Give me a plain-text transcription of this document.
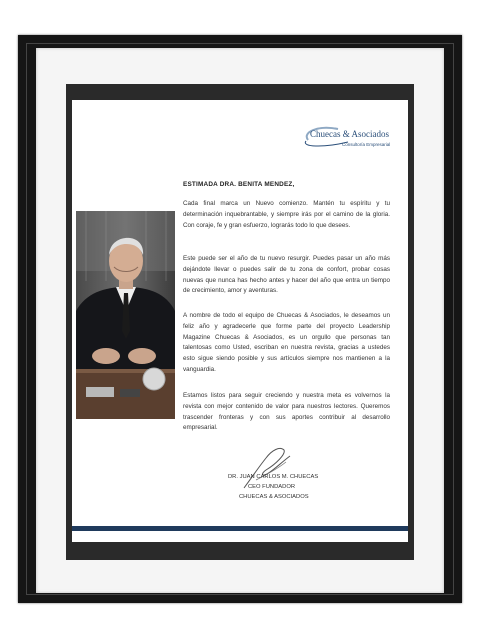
Chuecas & Asociados
Consultoría Empresarial
ESTIMADA DRA. BENITA MENDEZ,

Cada final marca un Nuevo comienzo. Mantén tu espíritu y tu determinación inquebrantable, y siempre irás por el camino de la gloria. Con coraje, fe y gran esfuerzo, lograrás todo lo que desees.

Este puede ser el año de tu nuevo resurgir. Puedes pasar un año más dejándote llevar o puedes salir de tu zona de confort, probar cosas nuevas que nunca has hecho antes y hacer del año que entra un tiempo de crecimiento, amor y aventuras.

A nombre de todo el equipo de Chuecas & Asociados, le deseamos un feliz año y agradecerle que forme parte del proyecto Leadership Magazine Chuecas & Asociados, es un orgullo que personas tan talentosas como Usted, escriban en nuestra revista, gracias a ustedes esto sigue siendo posible y sus artículos siempre nos mantienen a la vanguardia.

Estamos listos para seguir creciendo y nuestra meta es volvernos la revista con mejor contenido de valor para nuestros lectores. Queremos trascender fronteras y con sus aportes contribuir al desarrollo empresarial.

DR. JUAN CARLOS M. CHUECAS
CEO FUNDADOR
CHUECAS & ASOCIADOS
